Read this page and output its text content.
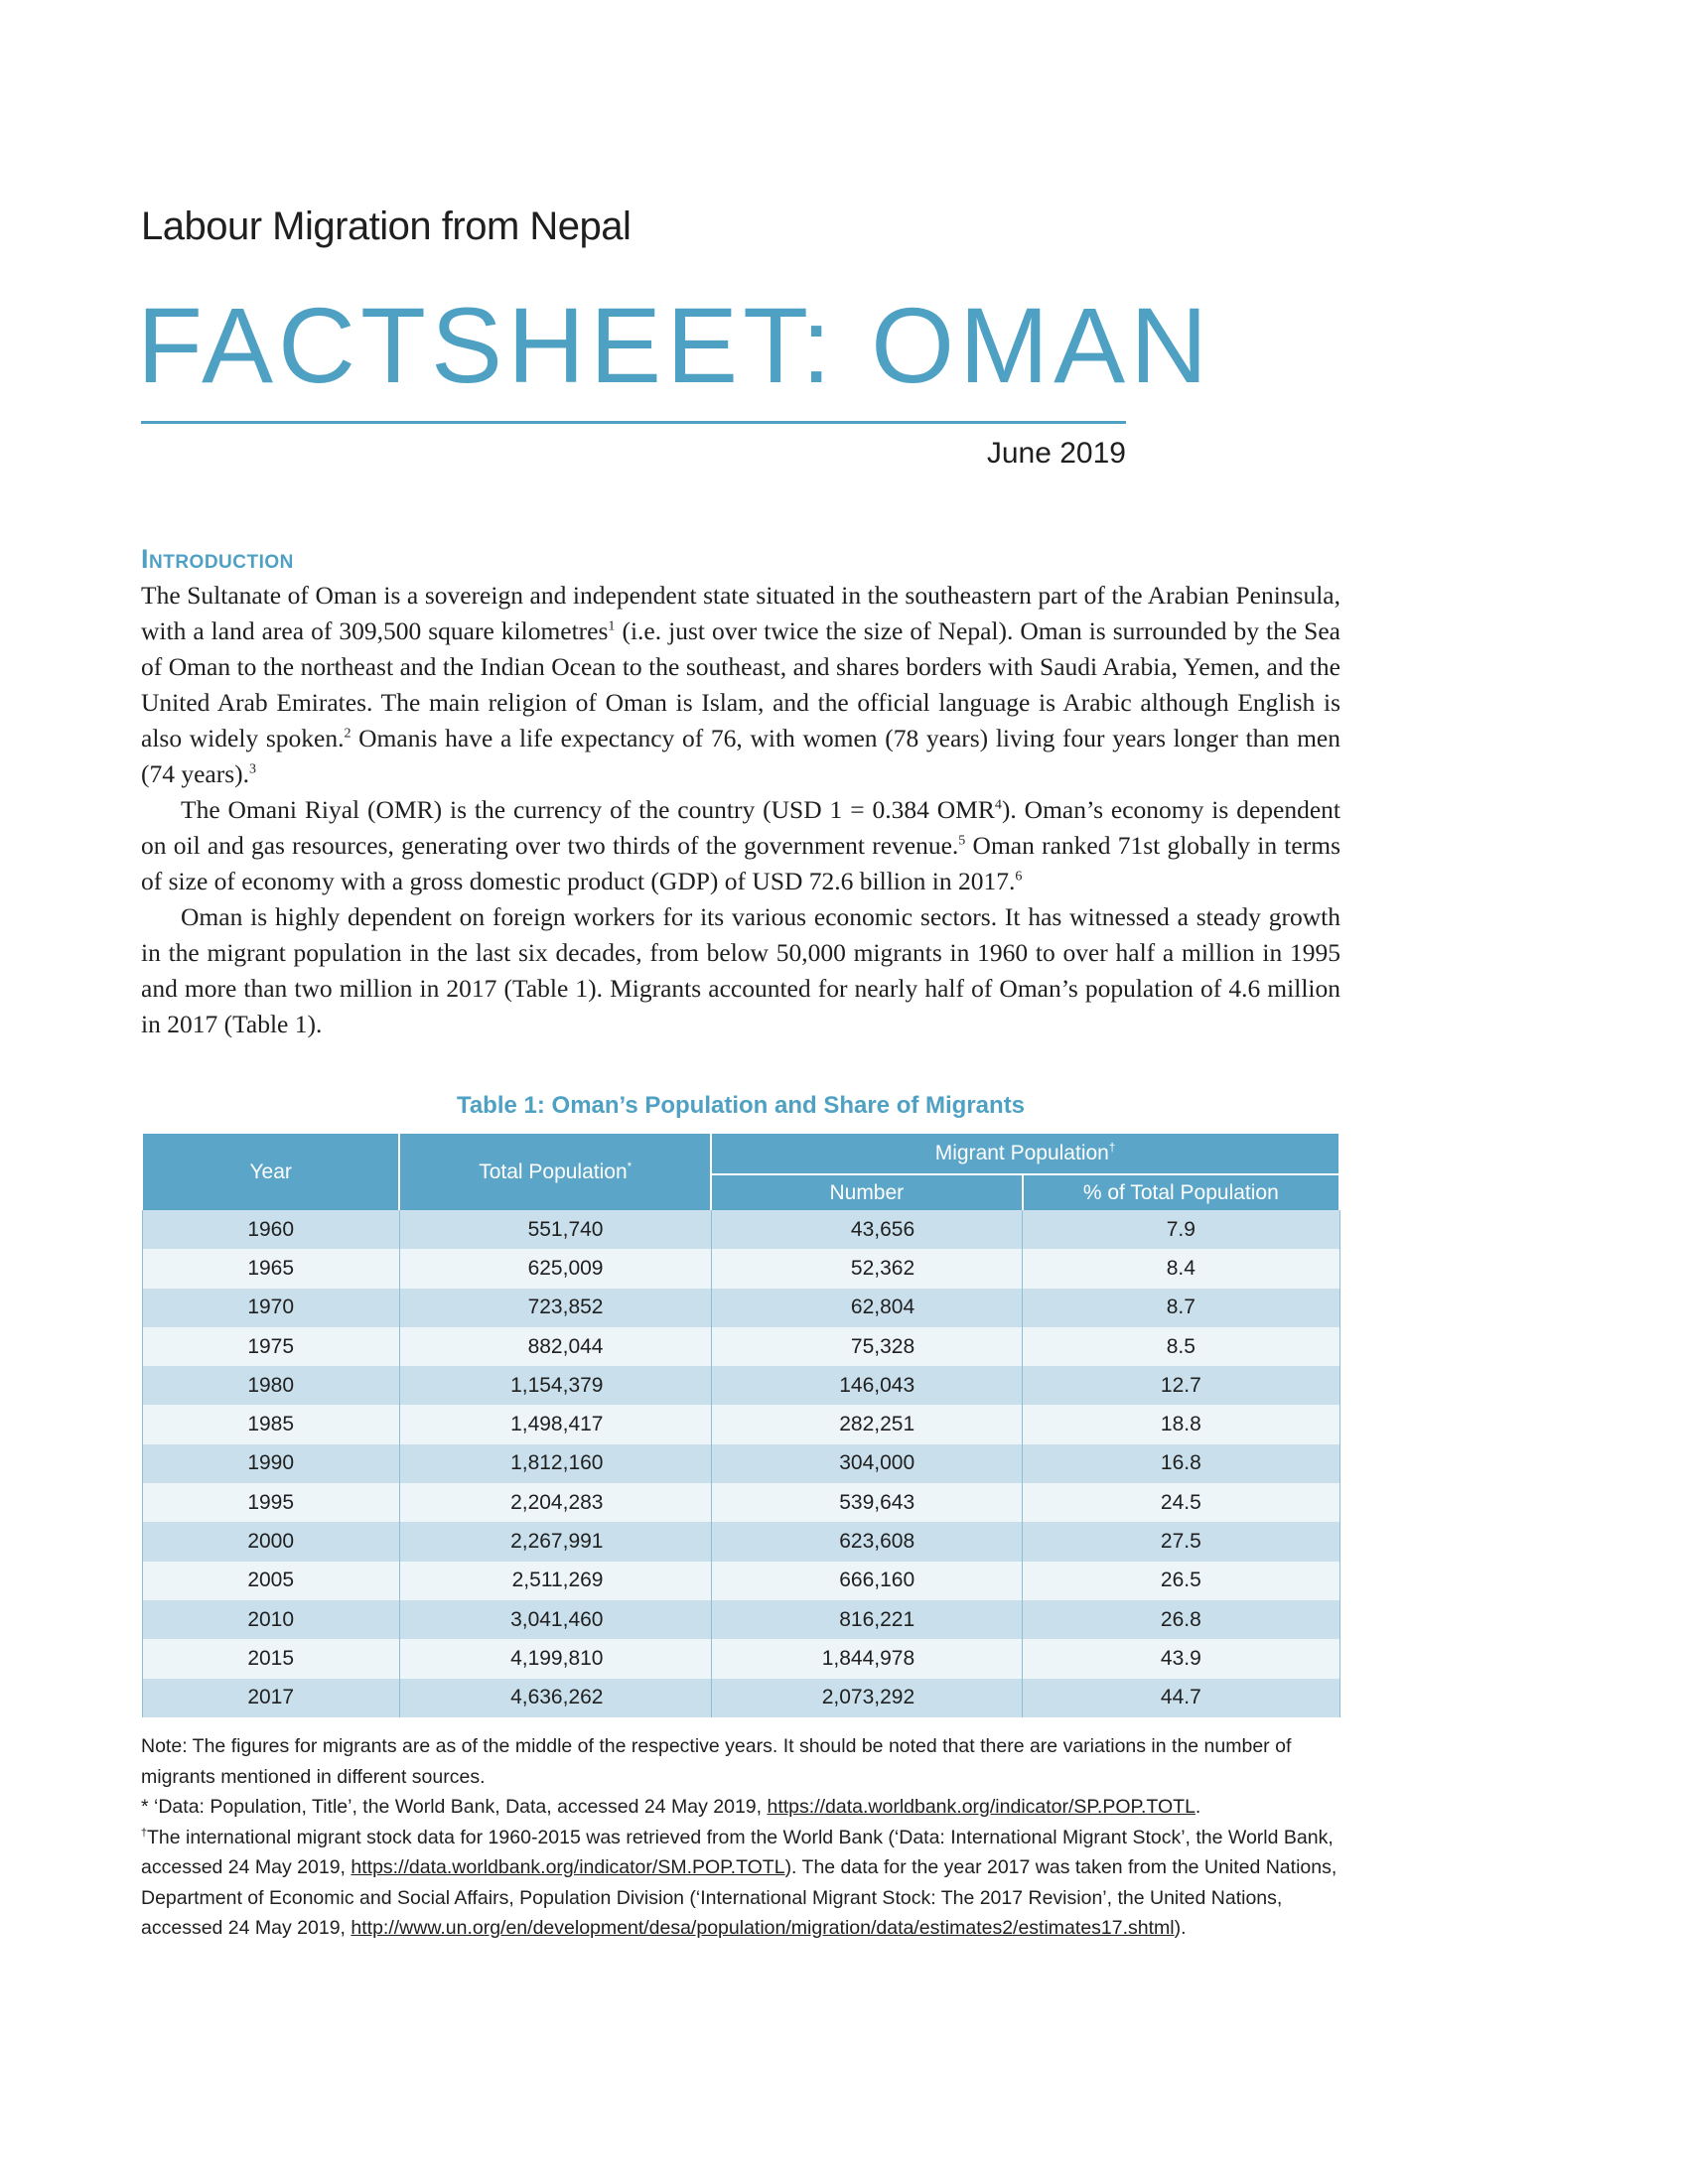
Labour Migration from Nepal
FACTSHEET: OMAN
June 2019
Introduction

The Sultanate of Oman is a sovereign and independent state situated in the southeastern part of the Arabian Peninsula, with a land area of 309,500 square kilometres$^1$ (i.e. just over twice the size of Nepal). Oman is surrounded by the Sea of Oman to the northeast and the Indian Ocean to the southeast, and shares borders with Saudi Arabia, Yemen, and the United Arab Emirates. The main religion of Oman is Islam, and the official language is Arabic although English is also widely spoken.$^2$ Omanis have a life expectancy of 76, with women (78 years) living four years longer than men (74 years).$^3$

The Omani Riyal (OMR) is the currency of the country (USD 1 = 0.384 OMR$^4$). Oman’s economy is dependent on oil and gas resources, generating over two thirds of the government revenue.$^5$ Oman ranked 71st globally in terms of size of economy with a gross domestic product (GDP) of USD 72.6 billion in 2017.$^6$

Oman is highly dependent on foreign workers for its various economic sectors. It has witnessed a steady growth in the migrant population in the last six decades, from below 50,000 migrants in 1960 to over half a million in 1995 and more than two million in 2017 (Table 1). Migrants accounted for nearly half of Oman’s population of 4.6 million in 2017 (Table 1).

Table 1: Oman’s Population and Share of Migrants
Year	Total Population*	Migrant Population†
		Number	% of Total Population
1960	551,740	43,656	7.9
1965	625,009	52,362	8.4
1970	723,852	62,804	8.7
1975	882,044	75,328	8.5
1980	1,154,379	146,043	12.7
1985	1,498,417	282,251	18.8
1990	1,812,160	304,000	16.8
1995	2,204,283	539,643	24.5
2000	2,267,991	623,608	27.5
2005	2,511,269	666,160	26.5
2010	3,041,460	816,221	26.8
2015	4,199,810	1,844,978	43.9
2017	4,636,262	2,073,292	44.7

Note: The figures for migrants are as of the middle of the respective years. It should be noted that there are variations in the number of migrants mentioned in different sources.

* ‘Data: Population, Title’, the World Bank, Data, accessed 24 May 2019, https://data.worldbank.org/indicator/SP.POP.TOTL.

†The international migrant stock data for 1960-2015 was retrieved from the World Bank (‘Data: International Migrant Stock’, the World Bank, accessed 24 May 2019, https://data.worldbank.org/indicator/SM.POP.TOTL). The data for the year 2017 was taken from the United Nations, Department of Economic and Social Affairs, Population Division (‘International Migrant Stock: The 2017 Revision’, the United Nations, accessed 24 May 2019, http://www.un.org/en/development/desa/population/migration/data/estimates2/estimates17.shtml).
